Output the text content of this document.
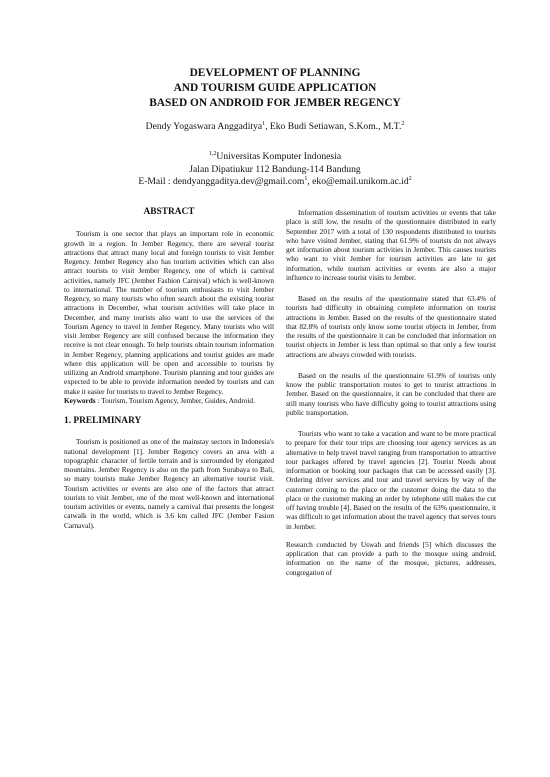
DEVELOPMENT OF PLANNING
AND TOURISM GUIDE APPLICATION
BASED ON ANDROID FOR JEMBER REGENCY
Dendy Yogaswara Anggaditya$^1$, Eko Budi Setiawan, S.Kom., M.T.$^2$
$^{1,2}$Universitas Komputer Indonesia
Jalan Dipatiukur 112 Bandung-114 Bandung
E-Mail : dendyanggaditya.dev@gmail.com$^1$, $eko@email.unikom.ac.id^2$
ABSTRACT

Tourism is one sector that plays an important role in economic growth in a region. In Jember Regency, there are several tourist attractions that attract many local and foreign tourists to visit Jember Regency. Jember Regency also has tourism activities which can also attract tourists to visit Jember Regency, one of which is carnival activities, namely JFC (Jember Fashion Carnival) which is well-known to international. The number of tourism enthusiasts to visit Jember Regency, so many tourists who often search about the existing tourist attractions in December, what tourism activities will take place in December, and many tourists also want to use the services of the Tourism Agency to travel in Jember Regency. Many tourists who will visit Jember Regency are still confused because the information they receive is not clear enough. To help tourists obtain tourism information in Jember Regency, planning applications and tourist guides are made where this application will be open and accessible to tourists by utilizing an Android smartphone. Tourism planning and tour guides are expected to be able to provide information needed by tourists and can make it easier for tourists to travel to Jember Regency.

Keywords : Tourism, Tourism Agency, Jember, Guides, Android.

1. PRELIMINARY

Tourism is positioned as one of the mainstay sectors in Indonesia's national development [1]. Jember Regency covers an area with a topographic character of fertile terrain and is surrounded by elongated mountains. Jember Regency is also on the path from Surabaya to Bali, so many tourists make Jember Regency an alternative tourist visit. Tourism activities or events are also one of the factors that attract tourists to visit Jember, one of the most well-known and international tourism activities or events, namely a carnival that presents the longest catwalk in the world, which is 3.6 km called JFC (Jember Fasion Carnaval).

Information dissemination of tourism activities or events that take place is still low, the results of the questionnaire distributed in early September 2017 with a total of 130 respondents distributed to tourists who have visited Jember, stating that 61.9% of tourists do not always get information about tourism activities in Jember. This causes tourists who want to visit Jember for tourism activities are late to get information, while tourism activities or events are also a major influence to increase tourist visits to Jember.

Based on the results of the questionnaire stated that 63.4% of tourists had difficulty in obtaining complete information on tourist attractions in Jember. Based on the results of the questionnaire stated that 82.8% of tourists only know some tourist objects in Jember, from the results of the questionnaire it can be concluded that information on tourist objects in Jember is less than optimal so that only a few tourist attractions are always crowded with tourists.

Based on the results of the questionnaire 61.9% of tourists only know the public transportation routes to get to tourist attractions in Jember. Based on the questionnaire, it can be concluded that there are still many tourists who have difficulty going to tourist attractions using public transportation.

Tourists who want to take a vacation and want to be more practical to prepare for their tour trips are choosing tour agency services as an alternative to help travel travel ranging from transportation to attractive tour packages offered by travel agencies [2]. Tourist Needs about information or booking tour packages that can be accessed easily [3]. Ordering driver services and tour and travel services by way of the customer coming to the place or the customer doing the data to the place or the customer making an order by telephone still makes the cut off having trouble [4]. Based on the results of the 63% questionnaire, it was difficult to get information about the travel agency that serves tours in Jember.

Research conducted by Uswah and friends [5] which discusses the application that can provide a path to the mosque using android, information on the name of the mosque, pictures, addresses, congregation of
